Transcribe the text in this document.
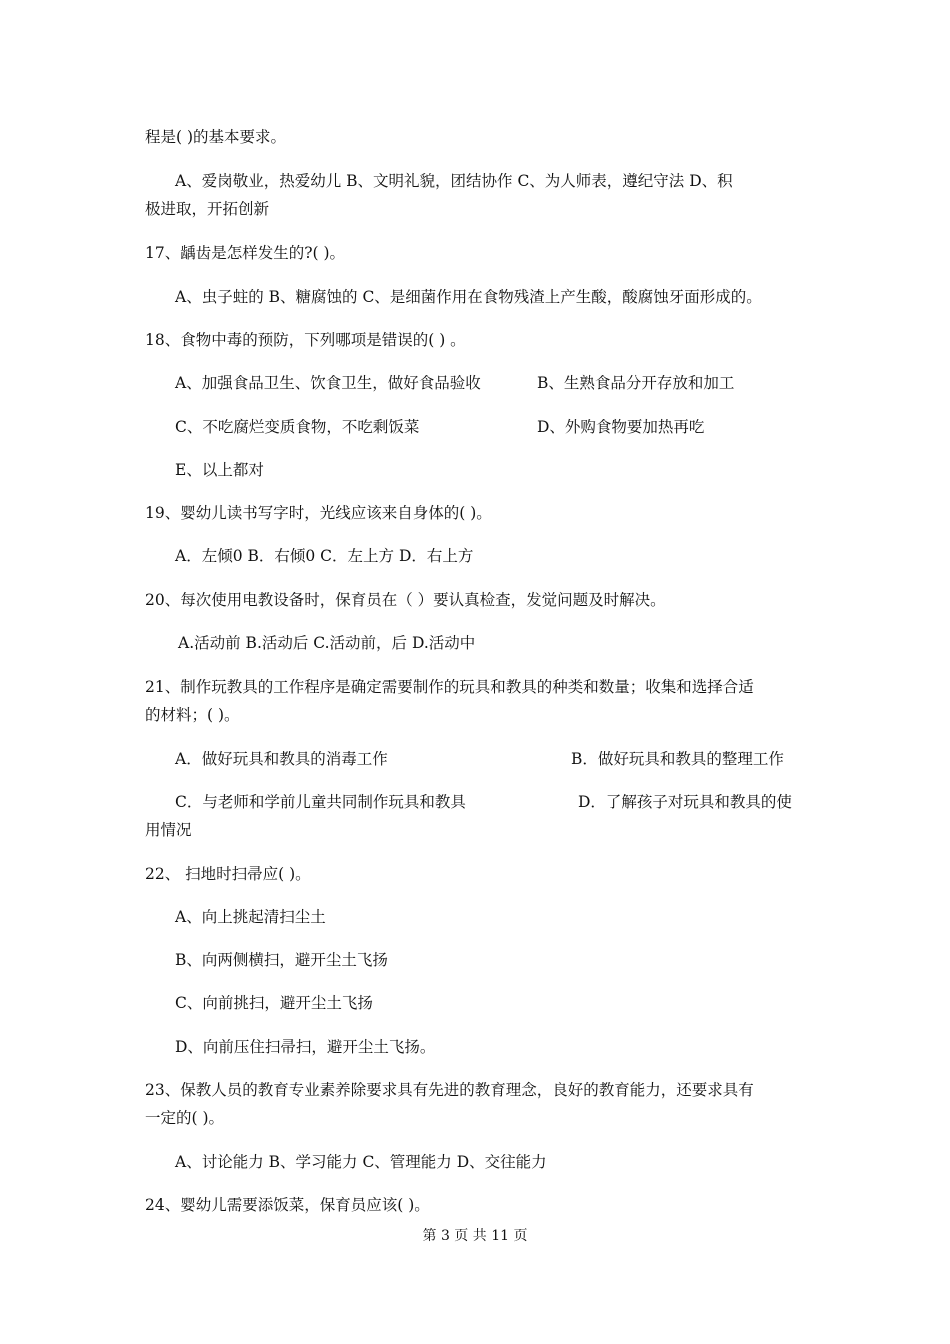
程是( )的基本要求。
A、爱岗敬业，热爱幼儿 B、文明礼貌，团结协作 C、为人师表，遵纪守法 D、积
极进取，开拓创新
17、龋齿是怎样发生的?( )。
A、虫子蛀的 B、糖腐蚀的 C、是细菌作用在食物残渣上产生酸，酸腐蚀牙面形成的。
18、食物中毒的预防，下列哪项是错误的( ) 。
A、加强食品卫生、饮食卫生，做好食品验收	B、生熟食品分开存放和加工
C、不吃腐烂变质食物，不吃剩饭菜	D、外购食物要加热再吃
E、以上都对
19、婴幼儿读书写字时，光线应该来自身体的( )。
A．左倾0 B．右倾0 C．左上方 D．右上方
20、每次使用电教设备时，保育员在（ ）要认真检查，发觉问题及时解决。
A.活动前 B.活动后 C.活动前，后 D.活动中
21、制作玩教具的工作程序是确定需要制作的玩具和教具的种类和数量；收集和选择合适
的材料；( )。
A．做好玩具和教具的消毒工作	B．做好玩具和教具的整理工作
C．与老师和学前儿童共同制作玩具和教具	D．了解孩子对玩具和教具的使
用情况
22、 扫地时扫帚应( )。
A、向上挑起清扫尘土
B、向两侧横扫，避开尘土飞扬
C、向前挑扫，避开尘土飞扬
D、向前压住扫帚扫，避开尘土飞扬。
23、保教人员的教育专业素养除要求具有先进的教育理念，良好的教育能力，还要求具有
一定的( )。
A、讨论能力 B、学习能力 C、管理能力 D、交往能力
24、婴幼儿需要添饭菜，保育员应该( )。
第 3 页 共 11 页
